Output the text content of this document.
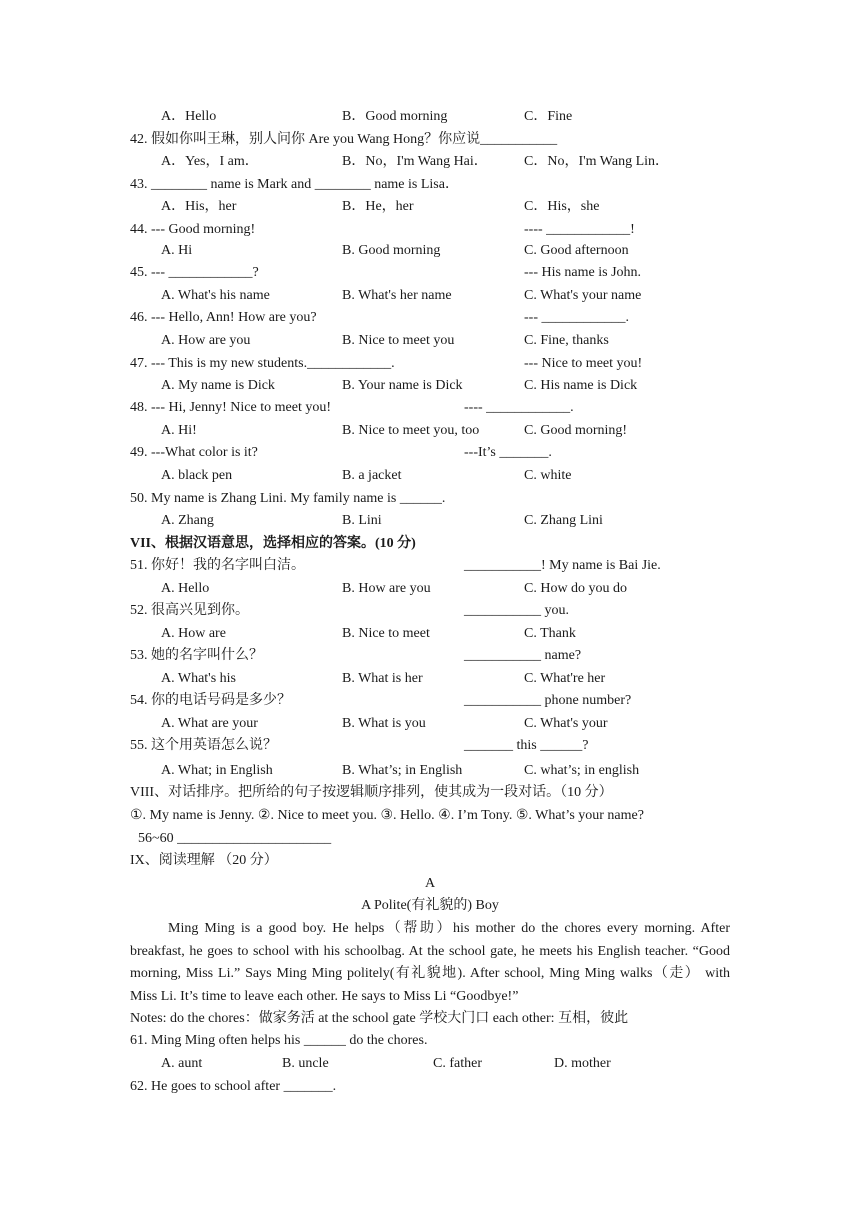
A．Hello	B．Good morning	C．Fine
42. 假如你叫王琳，别人问你 Are you Wang Hong？你应说___________
A．Yes，I am．	B．No，I'm Wang Hai．	C．No，I'm Wang Lin．
43. ________ name is Mark and ________ name is Lisa．
A．His，her	B．He，her	C．His，she
44. --- Good morning!	---- ____________!
A. Hi	B. Good morning	C. Good afternoon
45. --- ____________?	--- His name is John.
A. What's his name	B. What's her name	C. What's your name
46. --- Hello, Ann! How are you?	--- ____________.
A. How are you	B. Nice to meet you	C. Fine, thanks
47. --- This is my new students.____________.	--- Nice to meet you!
A. My name is Dick	B. Your name is Dick	C. His name is Dick
48. --- Hi, Jenny! Nice to meet you!	---- ____________.
A. Hi!	B. Nice to meet you, too	C. Good morning!
49. ---What color is it?	---It’s _______.
A. black pen	B. a jacket	C. white
50. My name is Zhang Lini. My family name is ______.
A. Zhang	B. Lini	C. Zhang Lini
VII、根据汉语意思，选择相应的答案。(10 分)
51. 你好！我的名字叫白洁。	___________! My name is Bai Jie.
A. Hello	B. How are you	C. How do you do
52. 很高兴见到你。	___________ you.
A. How are	B. Nice to meet	C. Thank
53. 她的名字叫什么？	___________ name?
A. What's his	B. What is her	C. What're her
54. 你的电话号码是多少？	___________ phone number?
A. What are your	B. What is you	C. What's your
55. 这个用英语怎么说？	_______ this ______?
A. What; in English	B. What’s; in English	C. what’s; in english
VIII、对话排序。把所给的句子按逻辑顺序排列，使其成为一段对话。（10 分）
①. My name is Jenny. ②. Nice to meet you. ③. Hello. ④. I’m Tony. ⑤. What’s your name?
56~60 ______________________
IX、阅读理解 （20 分）
A
A Polite(有礼貌的) Boy
Ming Ming is a good boy. He helps（帮助）his mother do the chores every morning. After breakfast, he goes to school with his schoolbag. At the school gate, he meets his English teacher. “Good morning, Miss Li.” Says Ming Ming politely(有礼貌地). After school, Ming Ming walks（走） with Miss Li. It’s time to leave each other. He says to Miss Li “Goodbye!”
Notes: do the chores：做家务活 at the school gate 学校大门口 each other: 互相，彼此
61. Ming Ming often helps his ______ do the chores.
A. aunt	B. uncle	C. father	D. mother
62. He goes to school after _______.
